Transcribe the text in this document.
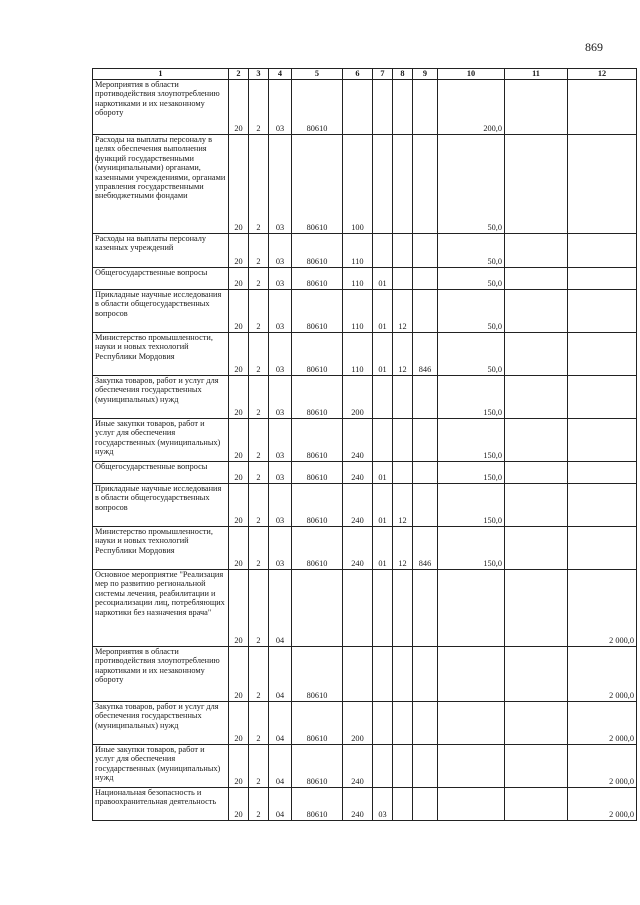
869
1	2	3	4	5	6	7	8	9	10	11	12
Мероприятия в области противодействия злоупотреблению наркотиками и их незаконному обороту	20	2	03	80610					200,0		
Расходы на выплаты персоналу в целях обеспечения выполнения функций государственными (муниципальными) органами, казенными учреждениями, органами управления государственными внебюджетными фондами	20	2	03	80610	100				50,0		
Расходы на выплаты персоналу казенных учреждений	20	2	03	80610	110				50,0		
Общегосударственные вопросы	20	2	03	80610	110	01			50,0		
Прикладные научные исследования в области общегосударственных вопросов	20	2	03	80610	110	01	12		50,0		
Министерство промышленности, науки и новых технологий Республики Мордовия	20	2	03	80610	110	01	12	846	50,0		
Закупка товаров, работ и услуг для обеспечения государственных (муниципальных) нужд	20	2	03	80610	200				150,0		
Иные закупки товаров, работ и услуг для обеспечения государственных (муниципальных) нужд	20	2	03	80610	240				150,0		
Общегосударственные вопросы	20	2	03	80610	240	01			150,0		
Прикладные научные исследования в области общегосударственных вопросов	20	2	03	80610	240	01	12		150,0		
Министерство промышленности, науки и новых технологий Республики Мордовия	20	2	03	80610	240	01	12	846	150,0		
Основное мероприятие "Реализация мер по развитию региональной системы лечения, реабилитации и ресоциализации лиц, потребляющих наркотики без назначения врача"	20	2	04								2 000,0
Мероприятия в области противодействия злоупотреблению наркотиками и их незаконному обороту	20	2	04	80610							2 000,0
Закупка товаров, работ и услуг для обеспечения государственных (муниципальных) нужд	20	2	04	80610	200						2 000,0
Иные закупки товаров, работ и услуг для обеспечения государственных (муниципальных) нужд	20	2	04	80610	240						2 000,0
Национальная безопасность и правоохранительная деятельность	20	2	04	80610	240	03					2 000,0
